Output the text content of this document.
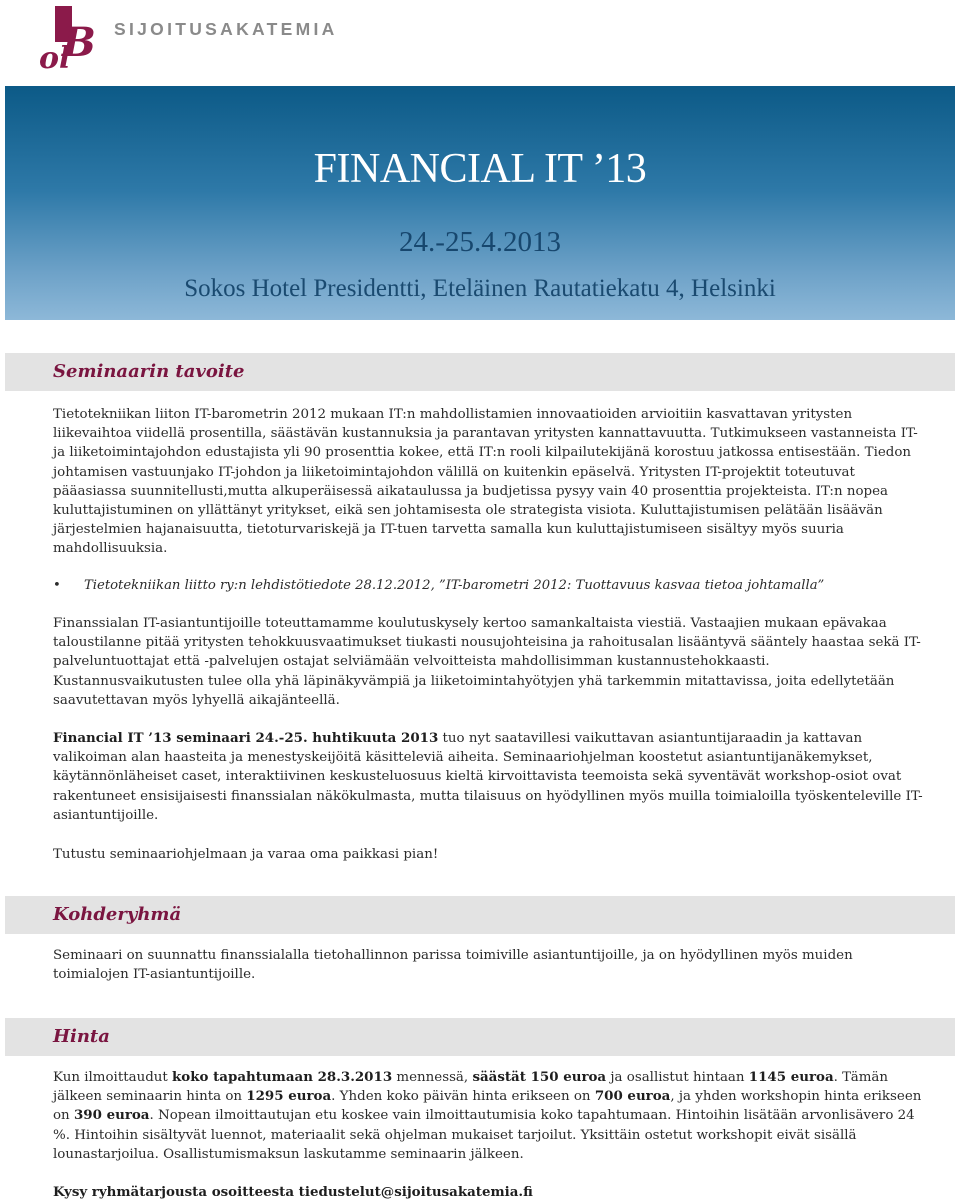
ol
B SIJOITUSAKATEMIA
FINANCIAL IT ’13
24.-25.4.2013
Sokos Hotel Presidentti, Eteläinen Rautatiekatu 4, Helsinki
Seminaarin tavoite

Tietotekniikan liiton IT-barometrin 2012 mukaan IT:n mahdollistamien innovaatioiden arvioitiin kasvattavan yritysten liikevaihtoa viidellä prosentilla, säästävän kustannuksia ja parantavan yritysten kannattavuutta. Tutkimukseen vastanneista IT- ja liiketoimintajohdon edustajista yli 90 prosenttia kokee, että IT:n rooli kilpailutekijänä korostuu jatkossa entisestään. Tiedon johtamisen vastuunjako IT-johdon ja liiketoimintajohdon välillä on kuitenkin epäselvä. Yritysten IT-projektit toteutuvat pääasiassa suunnitellusti,mutta alkuperäisessä aikataulussa ja budjetissa pysyy vain 40 prosenttia projekteista. IT:n nopea kuluttajistuminen on yllättänyt yritykset, eikä sen johtamisesta ole strategista visiota. Kuluttajistumisen pelätään lisäävän järjestelmien hajanaisuutta, tietoturvariskejä ja IT-tuen tarvetta samalla kun kuluttajistumiseen sisältyy myös suuria mahdollisuuksia.

• Tietotekniikan liitto ry:n lehdistötiedote 28.12.2012, ”IT-barometri 2012: Tuottavuus kasvaa tietoa johtamalla”

Finanssialan IT-asiantuntijoille toteuttamamme koulutuskysely kertoo samankaltaista viestiä. Vastaajien mukaan epävakaa taloustilanne pitää yritysten tehokkuusvaatimukset tiukasti nousujohteisina ja rahoitusalan lisääntyvä sääntely haastaa sekä IT-palveluntuottajat että -palvelujen ostajat selviämään velvoitteista mahdollisimman kustannustehokkaasti. Kustannusvaikutusten tulee olla yhä läpinäkyvämpiä ja liiketoimintahyötyjen yhä tarkemmin mitattavissa, joita edellytetään saavutettavan myös lyhyellä aikajänteellä.

Financial IT ’13 seminaari 24.-25. huhtikuuta 2013 tuo nyt saatavillesi vaikuttavan asiantuntijaraadin ja kattavan valikoiman alan haasteita ja menestyskeijöitä käsitteleviä aiheita. Seminaariohjelman koostetut asiantuntijanäkemykset, käytännönläheiset caset, interaktiivinen keskusteluosuus kieltä kirvoittavista teemoista sekä syventävät workshop-osiot ovat rakentuneet ensisijaisesti finanssialan näkökulmasta, mutta tilaisuus on hyödyllinen myös muilla toimialoilla työskenteleville IT-asiantuntijoille.

Tutustu seminaariohjelmaan ja varaa oma paikkasi pian!

Kohderyhmä

Seminaari on suunnattu finanssialalla tietohallinnon parissa toimiville asiantuntijoille, ja on hyödyllinen myös muiden toimialojen IT-asiantuntijoille.

Hinta

Kun ilmoittaudut koko tapahtumaan 28.3.2013 mennessä, säästät 150 euroa ja osallistut hintaan 1145 euroa. Tämän jälkeen seminaarin hinta on 1295 euroa. Yhden koko päivän hinta erikseen on 700 euroa, ja yhden workshopin hinta erikseen on 390 euroa. Nopean ilmoittautujan etu koskee vain ilmoittautumisia koko tapahtumaan. Hintoihin lisätään arvonlisävero 24 %. Hintoihin sisältyvät luennot, materiaalit sekä ohjelman mukaiset tarjoilut. Yksittäin ostetut workshopit eivät sisällä lounastarjoilua. Osallistumismaksun laskutamme seminaarin jälkeen.

Kysy ryhmätarjousta osoitteesta tiedustelut@sijoitusakatemia.fi
